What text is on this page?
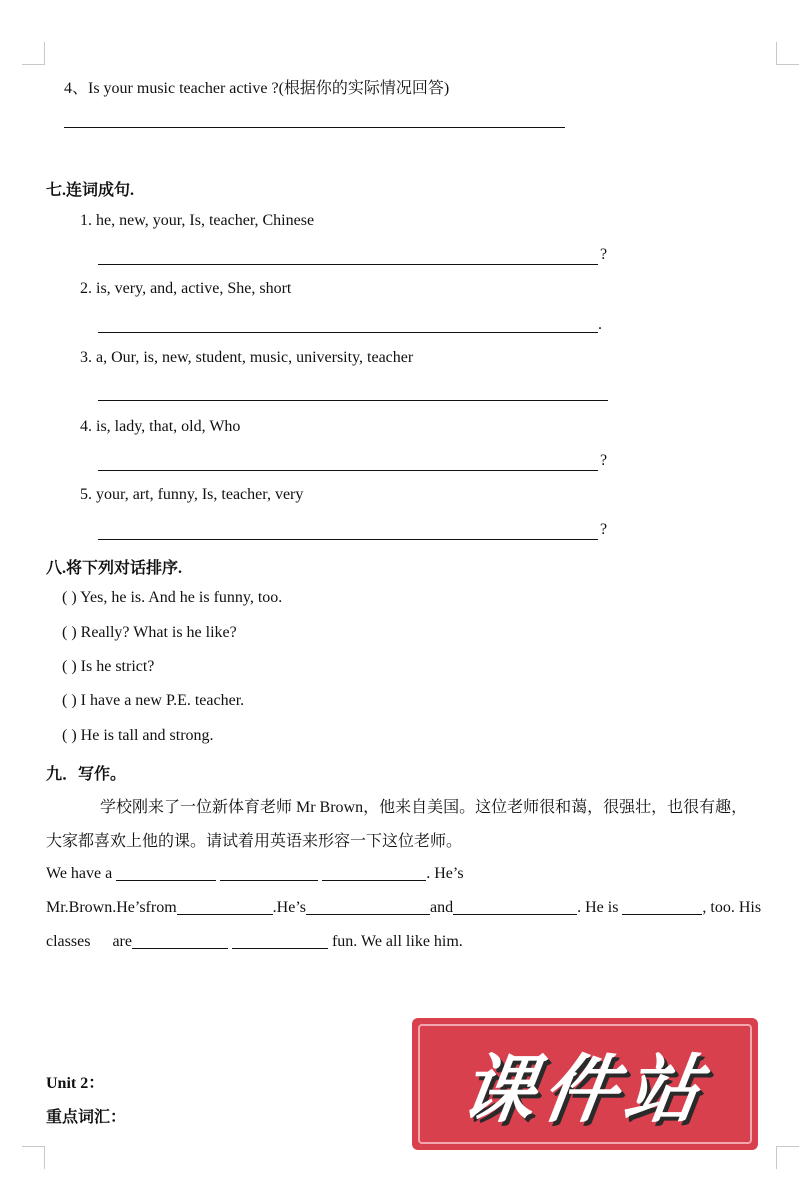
4、Is your music teacher active ?(根据你的实际情况回答)
七.连词成句.
1. he, new, your, Is, teacher, Chinese
?
2. is, very, and, active, She, short
.
3. a, Our, is, new, student, music, university, teacher
4. is, lady, that, old, Who
?
5. your, art, funny, Is, teacher, very
?
八.将下列对话排序.
( ) Yes, he is. And he is funny, too.
( ) Really? What is he like?
( ) Is he strict?
( ) I have a new P.E. teacher.
( ) He is tall and strong.
九．写作。
学校刚来了一位新体育老师 Mr Brown，他来自美国。这位老师很和蔼，很强壮，也很有趣，
大家都喜欢上他的课。请试着用英语来形容一下这位老师。
We have a	. He’s
Mr.Brown.He’sfrom	.He’s	and	. He is	, too. His
classes are	fun. We all like him.
Unit 2：
重点词汇：	课件站
